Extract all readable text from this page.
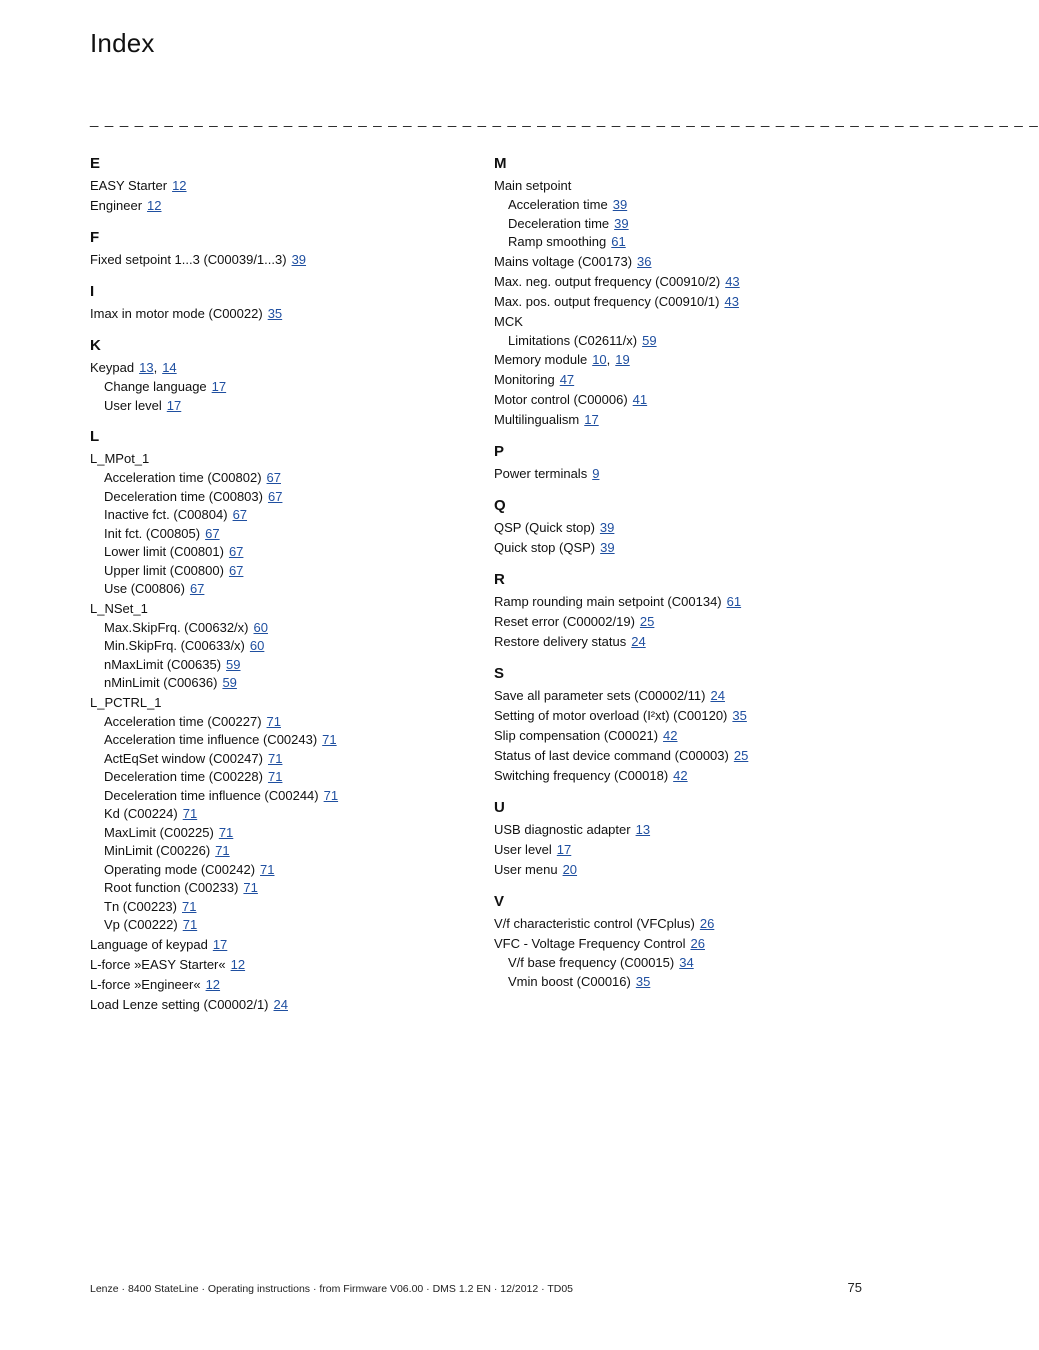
Index
_ _ _ _ _ _ _ _ _ _ _ _ _ _ _ _ _ _ _ _ _ _ _ _ _ _ _ _ _ _ _ _ _ _ _ _ _ _ _ _ _ _ _ _ _ _ _ _ _ _ _ _ _ _ _ _ _ _ _ _ _ _ _ _
E
EASY Starter 12
Engineer 12
F
Fixed setpoint 1...3 (C00039/1...3) 39
I
Imax in motor mode (C00022) 35
K
Keypad 13, 14
Change language 17
User level 17
L
L_MPot_1
Acceleration time (C00802) 67
Deceleration time (C00803) 67
Inactive fct. (C00804) 67
Init fct. (C00805) 67
Lower limit (C00801) 67
Upper limit (C00800) 67
Use (C00806) 67
L_NSet_1
Max.SkipFrq. (C00632/x) 60
Min.SkipFrq. (C00633/x) 60
nMaxLimit (C00635) 59
nMinLimit (C00636) 59
L_PCTRL_1
Acceleration time (C00227) 71
Acceleration time influence (C00243) 71
ActEqSet window (C00247) 71
Deceleration time (C00228) 71
Deceleration time influence (C00244) 71
Kd (C00224) 71
MaxLimit (C00225) 71
MinLimit (C00226) 71
Operating mode (C00242) 71
Root function (C00233) 71
Tn (C00223) 71
Vp (C00222) 71
Language of keypad 17
L-force »EASY Starter« 12
L-force »Engineer« 12
Load Lenze setting (C00002/1) 24
M
Main setpoint
Acceleration time 39
Deceleration time 39
Ramp smoothing 61
Mains voltage (C00173) 36
Max. neg. output frequency (C00910/2) 43
Max. pos. output frequency (C00910/1) 43
MCK
Limitations (C02611/x) 59
Memory module 10, 19
Monitoring 47
Motor control (C00006) 41
Multilingualism 17
P
Power terminals 9
Q
QSP (Quick stop) 39
Quick stop (QSP) 39
R
Ramp rounding main setpoint (C00134) 61
Reset error (C00002/19) 25
Restore delivery status 24
S
Save all parameter sets (C00002/11) 24
Setting of motor overload (I²xt) (C00120) 35
Slip compensation (C00021) 42
Status of last device command (C00003) 25
Switching frequency (C00018) 42
U
USB diagnostic adapter 13
User level 17
User menu 20
V
V/f characteristic control (VFCplus) 26
VFC - Voltage Frequency Control 26
V/f base frequency (C00015) 34
Vmin boost (C00016) 35
Lenze · 8400 StateLine · Operating instructions · from Firmware V06.00 · DMS 1.2 EN · 12/2012 · TD05	75
